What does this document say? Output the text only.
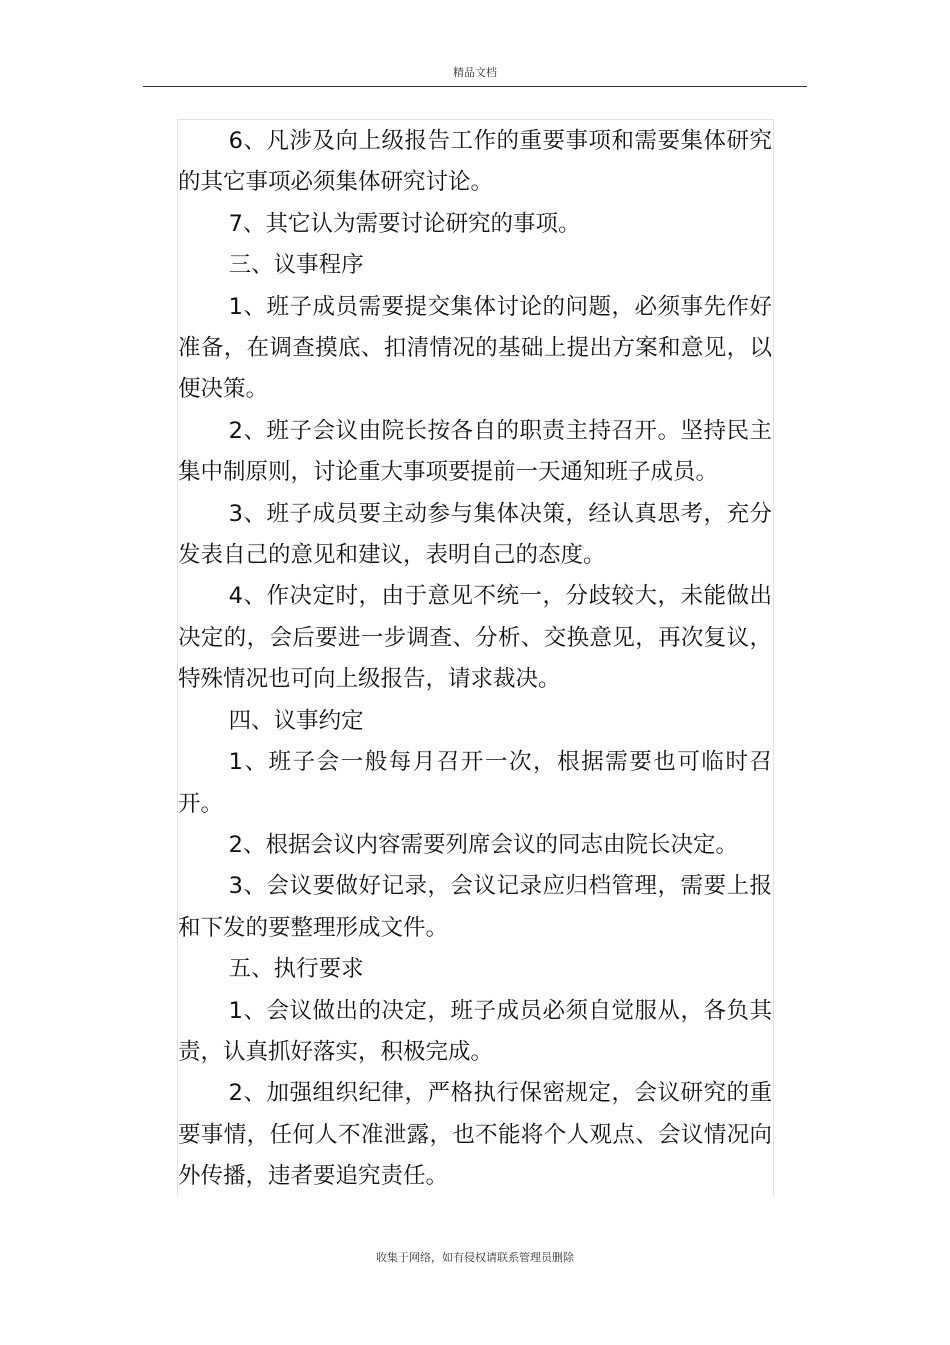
精品文档

6、凡涉及向上级报告工作的重要事项和需要集体研究的其它事项必须集体研究讨论。

7、其它认为需要讨论研究的事项。

三、议事程序

1、班子成员需要提交集体讨论的问题，必须事先作好准备，在调查摸底、扣清情况的基础上提出方案和意见，以便决策。

2、班子会议由院长按各自的职责主持召开。坚持民主集中制原则，讨论重大事项要提前一天通知班子成员。

3、班子成员要主动参与集体决策，经认真思考，充分发表自己的意见和建议，表明自己的态度。

4、作决定时，由于意见不统一，分歧较大，未能做出决定的，会后要进一步调查、分析、交换意见，再次复议，特殊情况也可向上级报告，请求裁决。

四、议事约定

1、班子会一般每月召开一次，根据需要也可临时召开。

2、根据会议内容需要列席会议的同志由院长决定。

3、会议要做好记录，会议记录应归档管理，需要上报和下发的要整理形成文件。

五、执行要求

1、会议做出的决定，班子成员必须自觉服从，各负其责，认真抓好落实，积极完成。

2、加强组织纪律，严格执行保密规定，会议研究的重要事情，任何人不准泄露，也不能将个人观点、会议情况向外传播，违者要追究责任。

收集于网络，如有侵权请联系管理员删除
